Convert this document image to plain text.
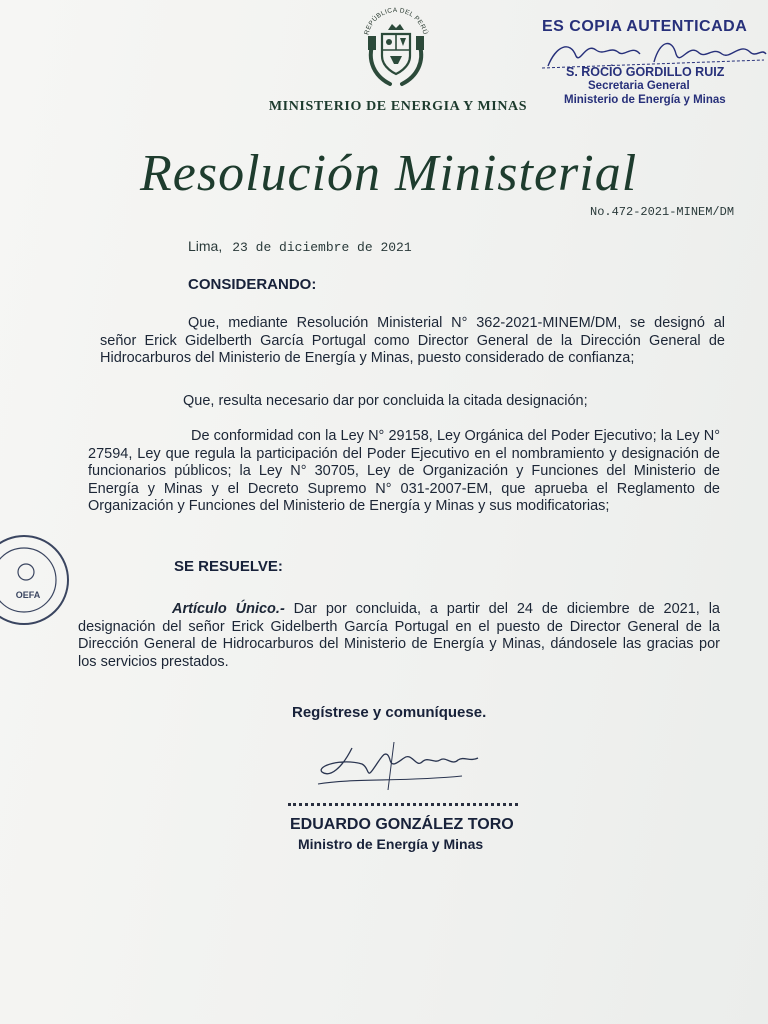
REPÚBLICA DEL PERÚ
MINISTERIO DE ENERGIA Y MINAS
ES COPIA AUTENTICADA
S. ROCÍO GORDILLO RUIZ
Secretaria General
Ministerio de Energía y Minas
Resolución Ministerial
No.472-2021-MINEM/DM
Lima, 23 de diciembre de 2021
CONSIDERANDO:
Que, mediante Resolución Ministerial N° 362-2021-MINEM/DM, se designó al señor Erick Gidelberth García Portugal como Director General de la Dirección General de Hidrocarburos del Ministerio de Energía y Minas, puesto considerado de confianza;
Que, resulta necesario dar por concluida la citada designación;
De conformidad con la Ley N° 29158, Ley Orgánica del Poder Ejecutivo; la Ley N° 27594, Ley que regula la participación del Poder Ejecutivo en el nombramiento y designación de funcionarios públicos; la Ley N° 30705, Ley de Organización y Funciones del Ministerio de Energía y Minas y el Decreto Supremo N° 031-2007-EM, que aprueba el Reglamento de Organización y Funciones del Ministerio de Energía y Minas y sus modificatorias;
OEFA
SE RESUELVE:
Artículo Único.- Dar por concluida, a partir del 24 de diciembre de 2021, la designación del señor Erick Gidelberth García Portugal en el puesto de Director General de la Dirección General de Hidrocarburos del Ministerio de Energía y Minas, dándosele las gracias por los servicios prestados.
Regístrese y comuníquese.
EDUARDO GONZÁLEZ TORO
Ministro de Energía y Minas
